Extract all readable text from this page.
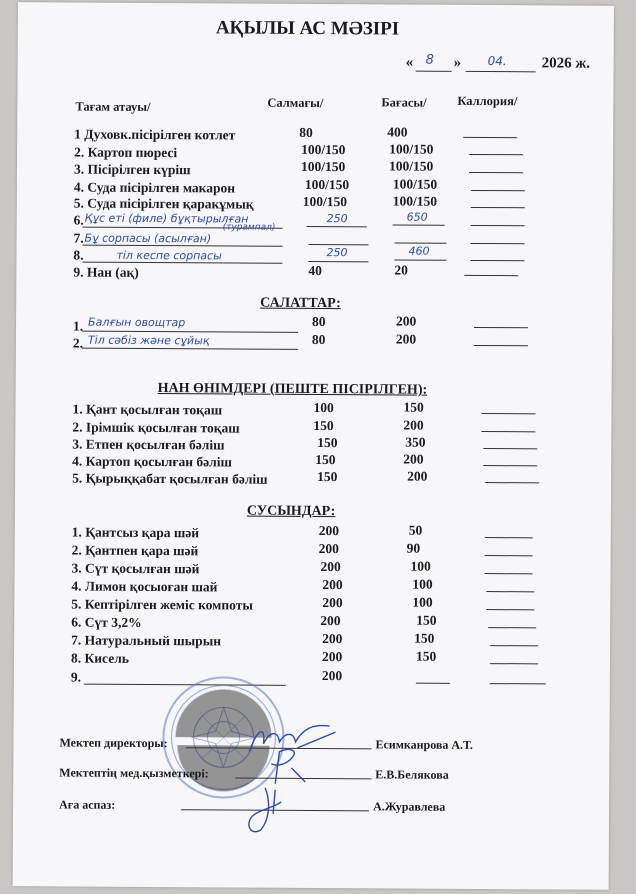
АҚЫЛЫ АС МӘЗІРІ
« 8 » 04. 2026 ж.
Тағам атауы/	Салмағы/	Бағасы/ Каллория/
1 Духовк.пісірілген котлет	80	400
2. Картоп пюресі	100/150	100/150
3. Пісірілген күріш	100/150	100/150
4. Суда пісірілген макарон	100/150	100/150
5. Суда пісірілген қаракұмық	100/150	100/150
6. Құс еті (филе) бұқтырылған	250	650
7. Бұ сорпасы (асылған)
(турампал)
8.	тіл кеспе сорпасы	250	460
9. Нан (ақ)	40	20
САЛАТТАР:
1. Балғын овощтар	80	200
2. Тіл сәбіз және сұйық	80	200
НАН ӨНІМДЕРІ (ПЕШТЕ ПІСІРІЛГЕН):
1. Қант қосылған тоқаш	100	150
2. Ірімшік қосылған тоқаш	150	200
3. Етпен қосылған бәліш	150	350
4. Картоп қосылған бәліш	150	200
5. Қырыққабат қосылған бәліш	150	200
СУСЫНДАР:
1. Қантсыз қара шәй	200	50
2. Қантпен қара шәй	200	90
3. Сүт қосылған шәй	200	100
4. Лимон қосыоған шай	200	100
5. Кептірілген жеміс компоты	200	100
6. Сүт 3,2%	200	150
7. Натуральный шырын	200	150
8. Кисель	200	150
9.	200
Мектеп директоры:	Есимканрова А.Т.
Мектептің мед.қызметкері:	Е.В.Белякова
Аға аспаз:	А.Журавлева
